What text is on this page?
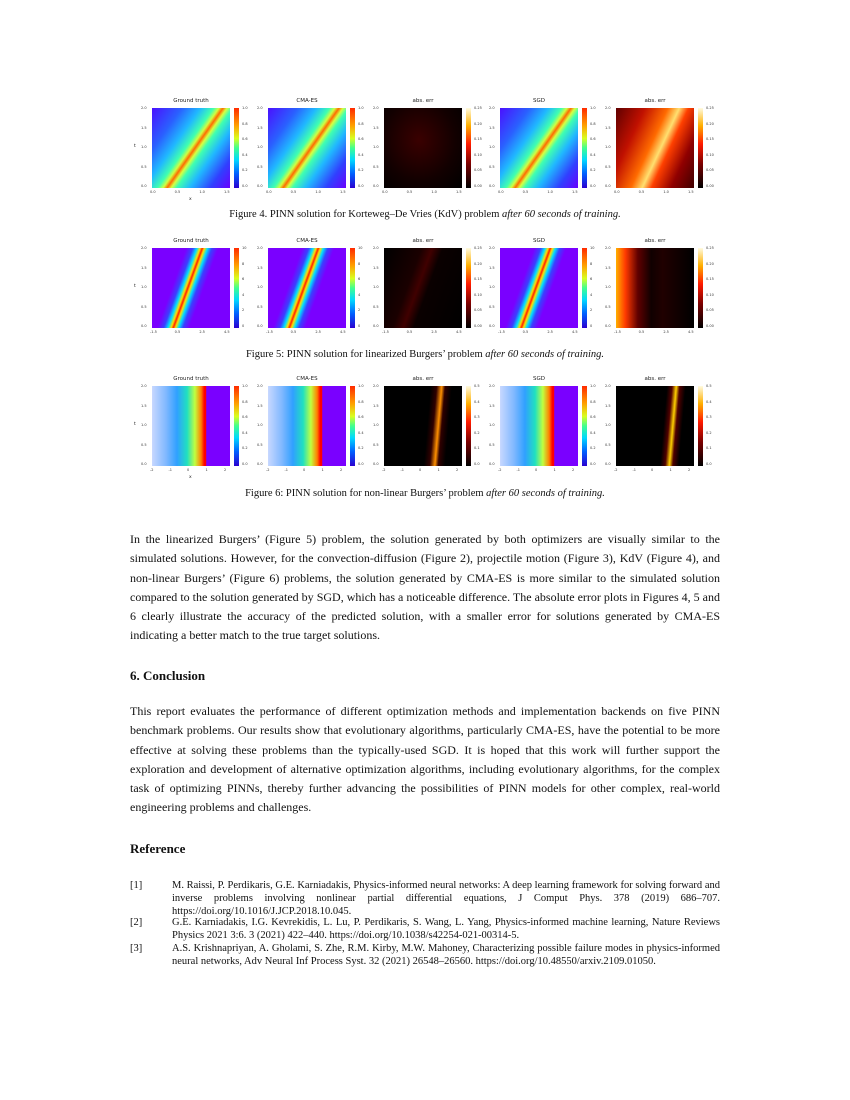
Ground truth
1.0
0.8
0.6
0.4
0.2
0.0
2.0
1.5
1.0
0.5
0.0
0.0	0.5	1.0	1.5
t
x
CMA-ES
1.0
0.8
0.6
0.4
0.2
0.0
2.0
1.5
1.0
0.5
0.0
0.0	0.5	1.0	1.5
abs. err
0.25
0.20
0.15
0.10
0.05
0.00
2.0
1.5
1.0
0.5
0.0
0.0	0.5	1.0	1.5
SGD
1.0
0.8
0.6
0.4
0.2
0.0
2.0
1.5
1.0
0.5
0.0
0.0	0.5	1.0	1.5
abs. err
0.25
0.20
0.15
0.10
0.05
0.00
2.0
1.5
1.0
0.5
0.0
0.0	0.5	1.0	1.5
Figure 4. PINN solution for Korteweg–De Vries (KdV) problem after 60 seconds of training.
Ground truth
10
8
6
4
2
0
2.0
1.5
1.0
0.5
0.0
-1.5	0.5	2.5	4.5
t
CMA-ES
10
8
6
4
2
0
2.0
1.5
1.0
0.5
0.0
-1.5	0.5	2.5	4.5
abs. err
0.25
0.20
0.15
0.10
0.05
0.00
2.0
1.5
1.0
0.5
0.0
-1.5	0.5	2.5	4.5
SGD
10
8
6
4
2
0
2.0
1.5
1.0
0.5
0.0
-1.5	0.5	2.5	4.5
abs. err
0.25
0.20
0.15
0.10
0.05
0.00
2.0
1.5
1.0
0.5
0.0
-1.5	0.5	2.5	4.5
Figure 5: PINN solution for linearized Burgers’ problem after 60 seconds of training.
Ground truth
1.0
0.8
0.6
0.4
0.2
0.0
2.0
1.5
1.0
0.5
0.0
-2	-1	0	1	2
t
x
CMA-ES
1.0
0.8
0.6
0.4
0.2
0.0
2.0
1.5
1.0
0.5
0.0
-2	-1	0	1	2
abs. err
0.5
0.4
0.3
0.2
0.1
0.0
2.0
1.5
1.0
0.5
0.0
-2	-1	0	1	2
SGD
1.0
0.8
0.6
0.4
0.2
0.0
2.0
1.5
1.0
0.5
0.0
-2	-1	0	1	2
abs. err
0.5
0.4
0.3
0.2
0.1
0.0
2.0
1.5
1.0
0.5
0.0
-2	-1	0	1	2
Figure 6: PINN solution for non-linear Burgers’ problem after 60 seconds of training.

In the linearized Burgers’ (Figure 5) problem, the solution generated by both optimizers are visually similar to the simulated solutions. However, for the convection-diffusion (Figure 2), projectile motion (Figure 3), KdV (Figure 4), and non-linear Burgers’ (Figure 6) problems, the solution generated by CMA-ES is more similar to the simulated solution compared to the solution generated by SGD, which has a noticeable difference. The absolute error plots in Figures 4, 5 and 6 clearly illustrate the accuracy of the predicted solution, with a smaller error for solutions generated by CMA-ES indicating a better match to the true target solutions.

6. Conclusion

This report evaluates the performance of different optimization methods and implementation backends on five PINN benchmark problems. Our results show that evolutionary algorithms, particularly CMA-ES, have the potential to be more effective at solving these problems than the typically-used SGD. It is hoped that this work will further support the exploration and development of alternative optimization algorithms, including evolutionary algorithms, for the complex task of optimizing PINNs, thereby further advancing the possibilities of PINN models for other complex, real-world engineering problems and challenges.

Reference
[1]	M. Raissi, P. Perdikaris, G.E. Karniadakis, Physics-informed neural networks: A deep learning framework for solving forward and inverse problems involving nonlinear partial differential equations, J Comput Phys. 378 (2019) 686–707. https://doi.org/10.1016/J.JCP.2018.10.045.
[2]	G.E. Karniadakis, I.G. Kevrekidis, L. Lu, P. Perdikaris, S. Wang, L. Yang, Physics-informed machine learning, Nature Reviews Physics 2021 3:6. 3 (2021) 422–440. https://doi.org/10.1038/s42254-021-00314-5.
[3]	A.S. Krishnapriyan, A. Gholami, S. Zhe, R.M. Kirby, M.W. Mahoney, Characterizing possible failure modes in physics-informed neural networks, Adv Neural Inf Process Syst. 32 (2021) 26548–26560. https://doi.org/10.48550/arxiv.2109.01050.
